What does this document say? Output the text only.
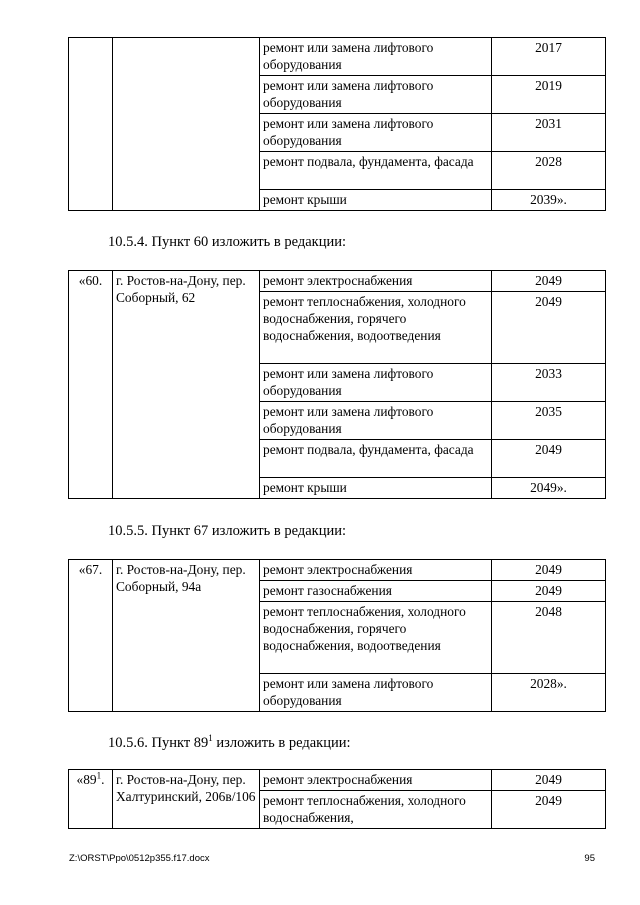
		ремонт или замена лифтового оборудования	2017
		ремонт или замена лифтового оборудования	2019
		ремонт или замена лифтового оборудования	2031
		ремонт подвала, фундамента, фасада	2028
		ремонт крыши	2039».
10.5.4. Пункт 60 изложить в редакции:
«60.	г. Ростов-на-Дону, пер. Соборный, 62	ремонт электроснабжения	2049
		ремонт теплоснабжения, холодного водоснабжения, горячего водоснабжения, водоотведения	2049
		ремонт или замена лифтового оборудования	2033
		ремонт или замена лифтового оборудования	2035
		ремонт подвала, фундамента, фасада	2049
		ремонт крыши	2049».
10.5.5. Пункт 67 изложить в редакции:
«67.	г. Ростов-на-Дону, пер. Соборный, 94а	ремонт электроснабжения	2049
		ремонт газоснабжения	2049
		ремонт теплоснабжения, холодного водоснабжения, горячего водоснабжения, водоотведения	2048
		ремонт или замена лифтового оборудования	2028».
10.5.6. Пункт $89^1$ изложить в редакции:
«$89^1$.	г. Ростов-на-Дону, пер. Халтуринский, 206в/106	ремонт электроснабжения	2049
		ремонт теплоснабжения, холодного водоснабжения,	2049
Z:\ORST\Ppo\0512p355.f17.docx	95
